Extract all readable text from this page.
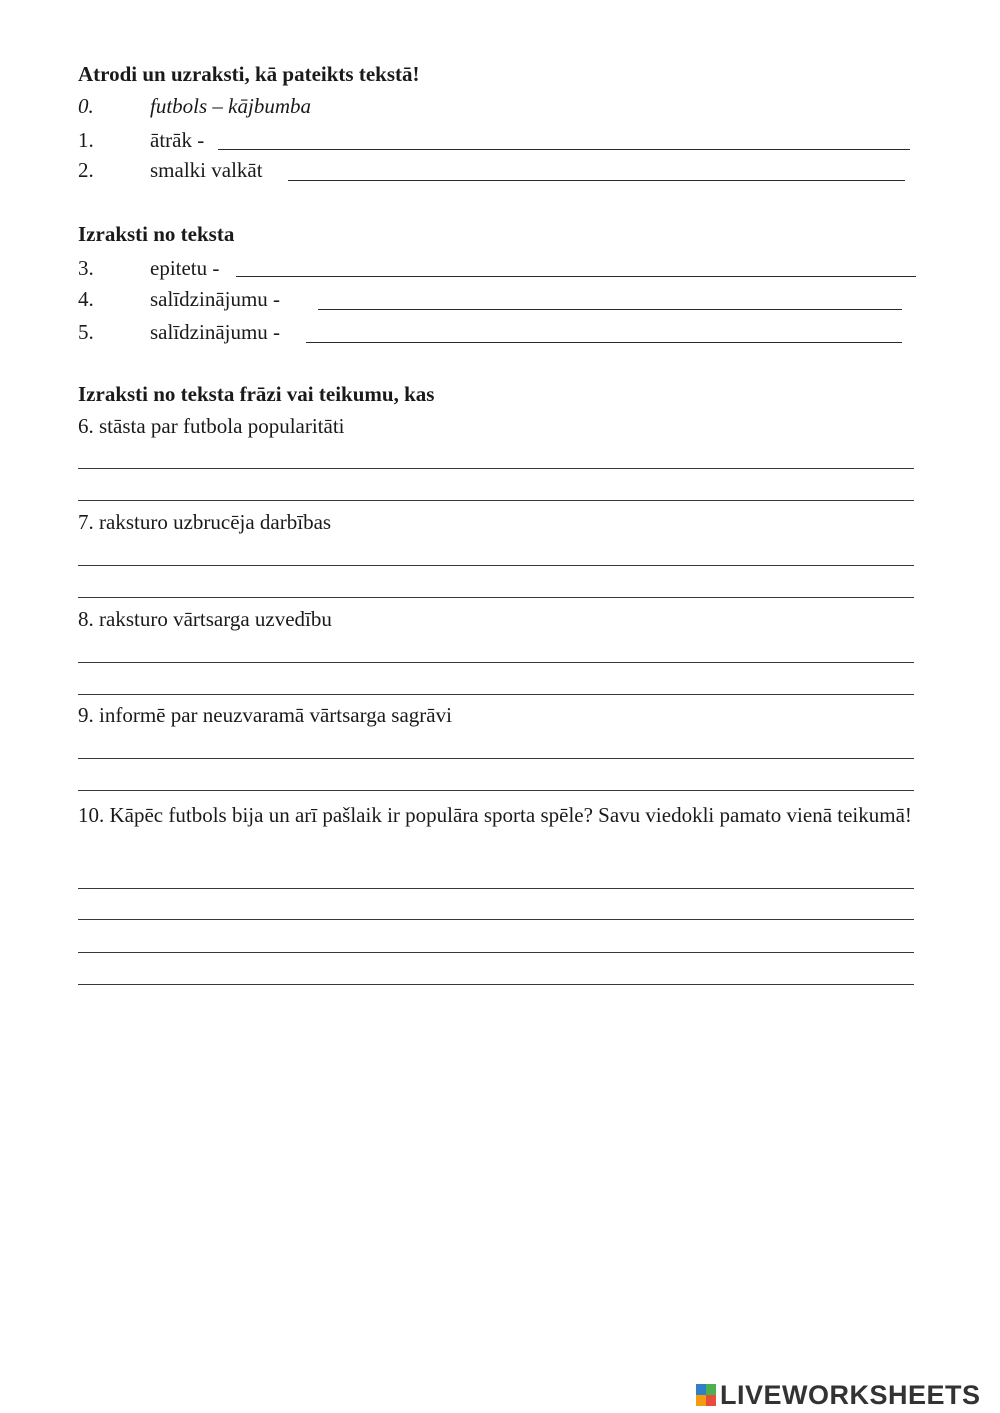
Atrodi un uzraksti, kā pateikts tekstā!
0.	futbols – kājbumba
1.	ātrāk -
2.	smalki valkāt
Izraksti no teksta
3.	epitetu -
4.	salīdzinājumu -
5.	salīdzinājumu -
Izraksti no teksta frāzi vai teikumu, kas
6. stāsta par futbola popularitāti
7. raksturo uzbrucēja darbības
8. raksturo vārtsarga uzvedību
9. informē par neuzvaramā vārtsarga sagrāvi
10. Kāpēc futbols bija un arī pašlaik ir populāra sporta spēle? Savu viedokli pamato vienā teikumā!
LIVEWORKSHEETS
